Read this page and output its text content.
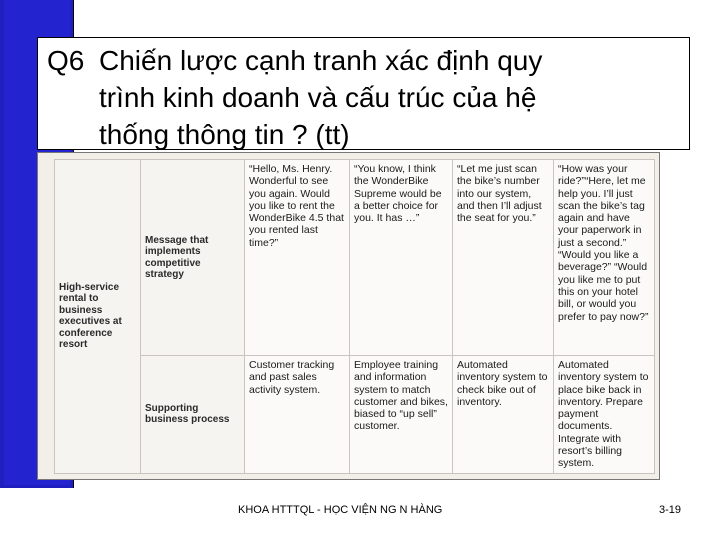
Q6 Chiến lược cạnh tranh xác định quy
trình kinh doanh và cấu trúc của hệ
thống thông tin ? (tt)
High-service rental to business executives at conference resort	Message that implements competitive strategy	“Hello, Ms. Henry. Wonderful to see you again. Would you like to rent the WonderBike 4.5 that you rented last time?”	“You know, I think the WonderBike Supreme would be a better choice for you. It has …”	“Let me just scan the bike’s number into our system, and then I’ll adjust the seat for you.”	“How was your ride?”“Here, let me help you. I’ll just scan the bike’s tag again and have your paperwork in just a second.” “Would you like a beverage?” “Would you like me to put this on your hotel bill, or would you prefer to pay now?”
	Supporting business process	Customer tracking and past sales activity system.	Employee training and information system to match customer and bikes, biased to “up sell” customer.	Automated inventory system to check bike out of inventory.	Automated inventory system to place bike back in inventory. Prepare payment documents. Integrate with resort’s billing system.
KHOA HTTTQL - HỌC VIỆN NG N HÀNG	3-19
